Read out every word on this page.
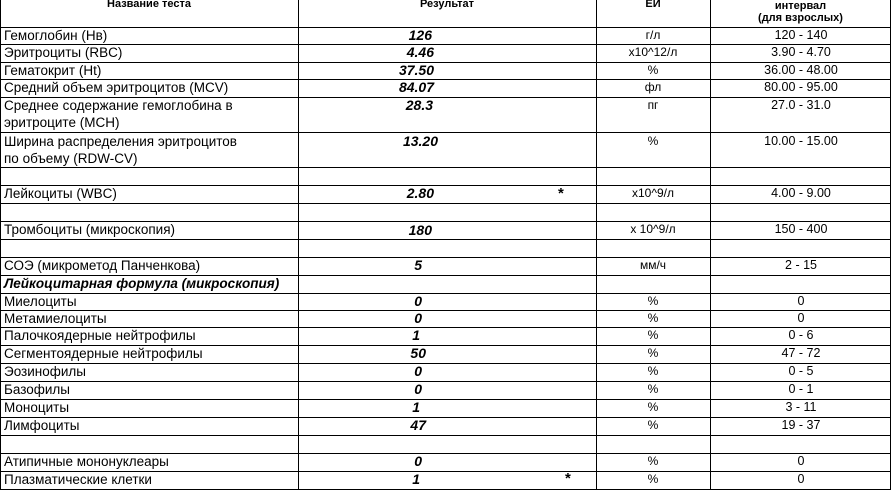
Название теста	Результат	ЕИ	интервал
(для взрослых)
Гемоглобин (Нв)	126	г/л	120 - 140
Эритроциты (RBC)	4.46	х10^12/л	3.90 - 4.70
Гематокрит (Ht)	37.50	%	36.00 - 48.00
Средний объем эритроцитов (MCV)	84.07	фл	80.00 - 95.00
Среднее содержание гемоглобина в
эритроците (МСН)
28.3	пг	27.0 - 31.0
Ширина распределения эритроцитов
по объему (RDW-CV)
13.20	%	10.00 - 15.00
Лейкоциты (WBC)	2.80	*	х10^9/л	4.00 - 9.00
Тромбоциты (микроскопия)	180	х 10^9/л	150 - 400
СОЭ (микрометод Панченкова)	5	мм/ч	2 - 15
Лейкоцитарная формула (микроскопия)
Миелоциты	0	%	0
Метамиелоциты	0	%	0
Палочкоядерные нейтрофилы	1	%	0 - 6
Сегментоядерные нейтрофилы	50	%	47 - 72
Эозинофилы	0	%	0 - 5
Базофилы	0	%	0 - 1
Моноциты	1	%	3 - 11
Лимфоциты	47	%	19 - 37
Атипичные мононуклеары	0	%	0
Плазматические клетки	1	*	%	0
